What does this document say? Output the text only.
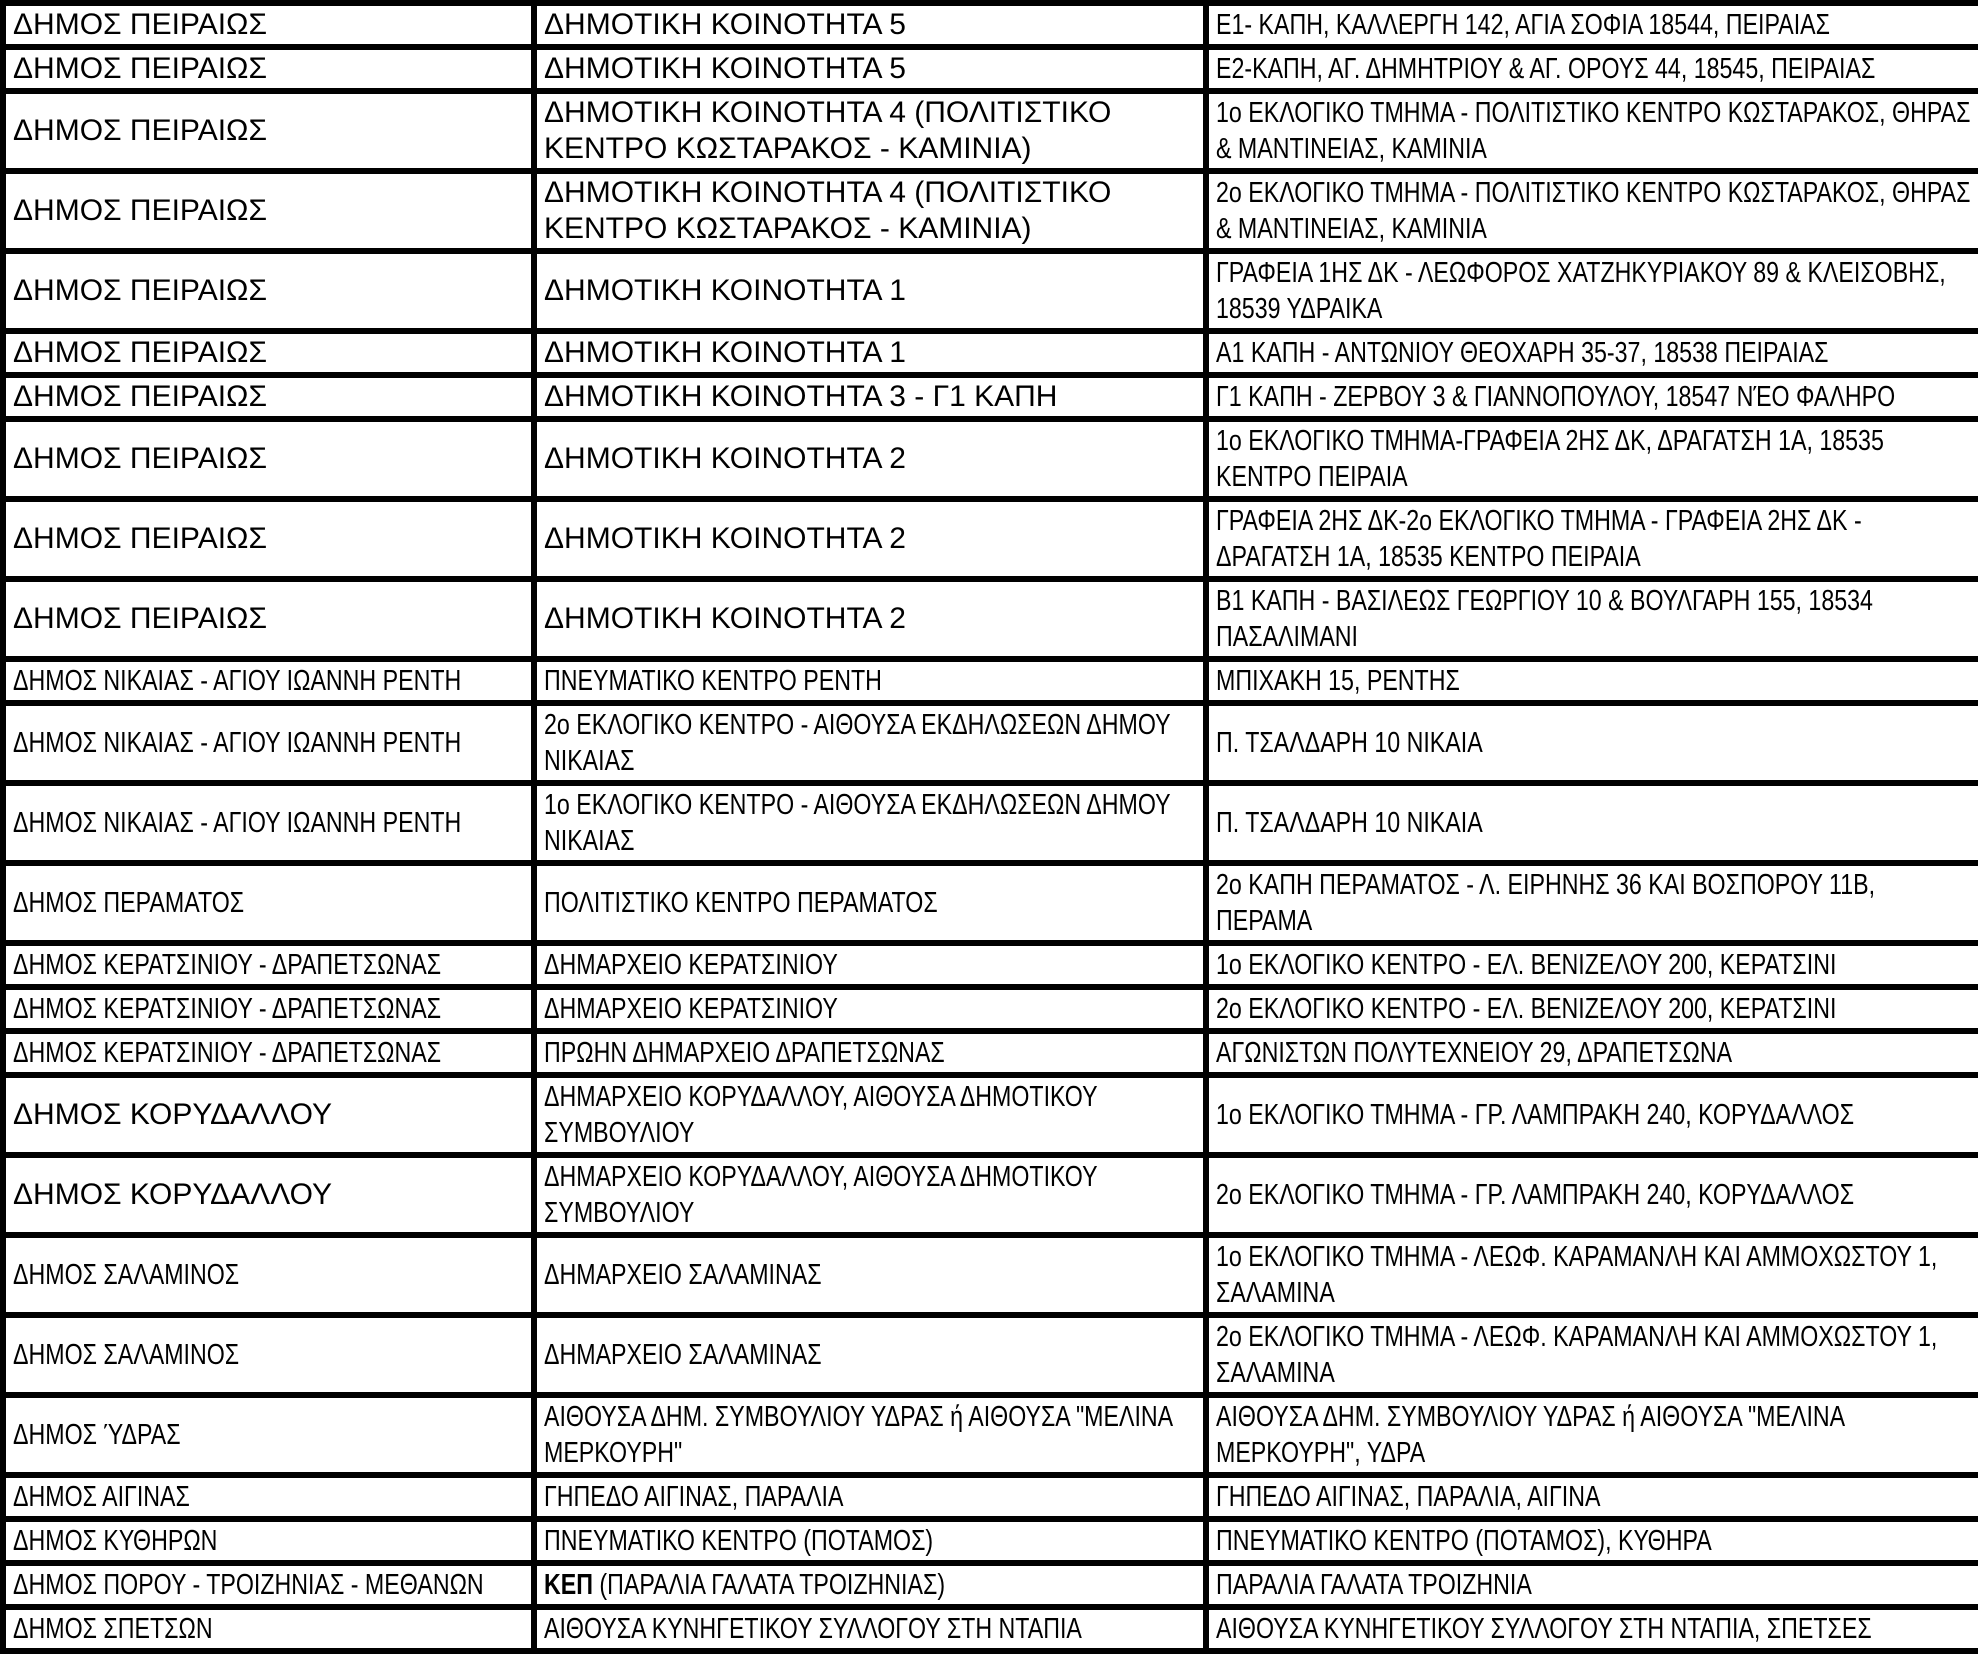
ΔΗΜΟΣ ΠΕΙΡΑΙΩΣ	ΔΗΜΟΤΙΚΗ ΚΟΙΝΟΤΗΤΑ 5	Ε1- ΚΑΠΗ, ΚΑΛΛΕΡΓΗ 142, ΑΓΙΑ ΣΟΦΙΑ 18544, ΠΕΙΡΑΙΑΣ
ΔΗΜΟΣ ΠΕΙΡΑΙΩΣ	ΔΗΜΟΤΙΚΗ ΚΟΙΝΟΤΗΤΑ 5	Ε2-ΚΑΠΗ, ΑΓ. ΔΗΜΗΤΡΙΟΥ & ΑΓ. ΟΡΟΥΣ 44, 18545, ΠΕΙΡΑΙΑΣ
ΔΗΜΟΣ ΠΕΙΡΑΙΩΣ	ΔΗΜΟΤΙΚΗ ΚΟΙΝΟΤΗΤΑ 4 (ΠΟΛΙΤΙΣΤΙΚΟ ΚΕΝΤΡΟ ΚΩΣΤΑΡΑΚΟΣ - ΚΑΜΙΝΙΑ)	1ο ΕΚΛΟΓΙΚΟ ΤΜΗΜΑ - ΠΟΛΙΤΙΣΤΙΚΟ ΚΕΝΤΡΟ ΚΩΣΤΑΡΑΚΟΣ, ΘΗΡΑΣ & ΜΑΝΤΙΝΕΙΑΣ, ΚΑΜΙΝΙΑ
ΔΗΜΟΣ ΠΕΙΡΑΙΩΣ	ΔΗΜΟΤΙΚΗ ΚΟΙΝΟΤΗΤΑ 4 (ΠΟΛΙΤΙΣΤΙΚΟ ΚΕΝΤΡΟ ΚΩΣΤΑΡΑΚΟΣ - ΚΑΜΙΝΙΑ)	2ο ΕΚΛΟΓΙΚΟ ΤΜΗΜΑ - ΠΟΛΙΤΙΣΤΙΚΟ ΚΕΝΤΡΟ ΚΩΣΤΑΡΑΚΟΣ, ΘΗΡΑΣ & ΜΑΝΤΙΝΕΙΑΣ, ΚΑΜΙΝΙΑ
ΔΗΜΟΣ ΠΕΙΡΑΙΩΣ	ΔΗΜΟΤΙΚΗ ΚΟΙΝΟΤΗΤΑ 1	ΓΡΑΦΕΙΑ 1ΗΣ ΔΚ - ΛΕΩΦΟΡΟΣ ΧΑΤΖΗΚΥΡΙΑΚΟΥ 89 & ΚΛΕΙΣΟΒΗΣ, 18539 ΥΔΡΑΙΚΑ
ΔΗΜΟΣ ΠΕΙΡΑΙΩΣ	ΔΗΜΟΤΙΚΗ ΚΟΙΝΟΤΗΤΑ 1	Α1 ΚΑΠΗ - ΑΝΤΩΝΙΟΥ ΘΕΟΧΑΡΗ 35-37, 18538 ΠΕΙΡΑΙΑΣ
ΔΗΜΟΣ ΠΕΙΡΑΙΩΣ	ΔΗΜΟΤΙΚΗ ΚΟΙΝΟΤΗΤΑ 3 - Γ1 ΚΑΠΗ	Γ1 ΚΑΠΗ - ΖΕΡΒΟΥ 3 & ΓΙΑΝΝΟΠΟΥΛΟΥ, 18547 ΝΈΟ ΦΑΛΗΡΟ
ΔΗΜΟΣ ΠΕΙΡΑΙΩΣ	ΔΗΜΟΤΙΚΗ ΚΟΙΝΟΤΗΤΑ 2	1ο ΕΚΛΟΓΙΚΟ ΤΜΗΜΑ-ΓΡΑΦΕΙΑ 2ΗΣ ΔΚ, ΔΡΑΓΑΤΣΗ 1Α, 18535 ΚΕΝΤΡΟ ΠΕΙΡΑΙΑ
ΔΗΜΟΣ ΠΕΙΡΑΙΩΣ	ΔΗΜΟΤΙΚΗ ΚΟΙΝΟΤΗΤΑ 2	ΓΡΑΦΕΙΑ 2ΗΣ ΔΚ-2ο ΕΚΛΟΓΙΚΟ ΤΜΗΜΑ - ΓΡΑΦΕΙΑ 2ΗΣ ΔΚ - ΔΡΑΓΑΤΣΗ 1Α, 18535 ΚΕΝΤΡΟ ΠΕΙΡΑΙΑ
ΔΗΜΟΣ ΠΕΙΡΑΙΩΣ	ΔΗΜΟΤΙΚΗ ΚΟΙΝΟΤΗΤΑ 2	Β1 ΚΑΠΗ - ΒΑΣΙΛΕΩΣ ΓΕΩΡΓΙΟΥ 10 & ΒΟΥΛΓΑΡΗ 155, 18534 ΠΑΣΑΛΙΜΑΝΙ
ΔΗΜΟΣ ΝΙΚΑΙΑΣ - ΑΓΙΟΥ ΙΩΑΝΝΗ ΡΕΝΤΗ	ΠΝΕΥΜΑΤΙΚΟ ΚΕΝΤΡΟ ΡΕΝΤΗ	ΜΠΙΧΑΚΗ 15, ΡΕΝΤΗΣ
ΔΗΜΟΣ ΝΙΚΑΙΑΣ - ΑΓΙΟΥ ΙΩΑΝΝΗ ΡΕΝΤΗ	2ο ΕΚΛΟΓΙΚΟ ΚΕΝΤΡΟ - ΑΙΘΟΥΣΑ ΕΚΔΗΛΩΣΕΩΝ ΔΗΜΟΥ ΝΙΚΑΙΑΣ	Π. ΤΣΑΛΔΑΡΗ 10 ΝΙΚΑΙΑ
ΔΗΜΟΣ ΝΙΚΑΙΑΣ - ΑΓΙΟΥ ΙΩΑΝΝΗ ΡΕΝΤΗ	1ο ΕΚΛΟΓΙΚΟ ΚΕΝΤΡΟ - ΑΙΘΟΥΣΑ ΕΚΔΗΛΩΣΕΩΝ ΔΗΜΟΥ ΝΙΚΑΙΑΣ	Π. ΤΣΑΛΔΑΡΗ 10 ΝΙΚΑΙΑ
ΔΗΜΟΣ ΠΕΡΑΜΑΤΟΣ	ΠΟΛΙΤΙΣΤΙΚΟ ΚΕΝΤΡΟ ΠΕΡΑΜΑΤΟΣ	2ο ΚΑΠΗ ΠΕΡΑΜΑΤΟΣ - Λ. ΕΙΡΗΝΗΣ 36 ΚΑΙ ΒΟΣΠΟΡΟΥ 11Β, ΠΕΡΑΜΑ
ΔΗΜΟΣ ΚΕΡΑΤΣΙΝΙΟΥ - ΔΡΑΠΕΤΣΩΝΑΣ	ΔΗΜΑΡΧΕΙΟ ΚΕΡΑΤΣΙΝΙΟΥ	1ο ΕΚΛΟΓΙΚΟ ΚΕΝΤΡΟ - ΕΛ. ΒΕΝΙΖΕΛΟΥ 200, ΚΕΡΑΤΣΙΝΙ
ΔΗΜΟΣ ΚΕΡΑΤΣΙΝΙΟΥ - ΔΡΑΠΕΤΣΩΝΑΣ	ΔΗΜΑΡΧΕΙΟ ΚΕΡΑΤΣΙΝΙΟΥ	2ο ΕΚΛΟΓΙΚΟ ΚΕΝΤΡΟ - ΕΛ. ΒΕΝΙΖΕΛΟΥ 200, ΚΕΡΑΤΣΙΝΙ
ΔΗΜΟΣ ΚΕΡΑΤΣΙΝΙΟΥ - ΔΡΑΠΕΤΣΩΝΑΣ	ΠΡΩΗΝ ΔΗΜΑΡΧΕΙΟ ΔΡΑΠΕΤΣΩΝΑΣ	ΑΓΩΝΙΣΤΩΝ ΠΟΛΥΤΕΧΝΕΙΟΥ 29, ΔΡΑΠΕΤΣΩΝΑ
ΔΗΜΟΣ ΚΟΡΥΔΑΛΛΟΥ	ΔΗΜΑΡΧΕΙΟ ΚΟΡΥΔΑΛΛΟΥ, ΑΙΘΟΥΣΑ ΔΗΜΟΤΙΚΟΥ ΣΥΜΒΟΥΛΙΟΥ	1ο ΕΚΛΟΓΙΚΟ ΤΜΗΜΑ - ΓΡ. ΛΑΜΠΡΑΚΗ 240, ΚΟΡΥΔΑΛΛΟΣ
ΔΗΜΟΣ ΚΟΡΥΔΑΛΛΟΥ	ΔΗΜΑΡΧΕΙΟ ΚΟΡΥΔΑΛΛΟΥ, ΑΙΘΟΥΣΑ ΔΗΜΟΤΙΚΟΥ ΣΥΜΒΟΥΛΙΟΥ	2ο ΕΚΛΟΓΙΚΟ ΤΜΗΜΑ - ΓΡ. ΛΑΜΠΡΑΚΗ 240, ΚΟΡΥΔΑΛΛΟΣ
ΔΗΜΟΣ ΣΑΛΑΜΙΝΟΣ	ΔΗΜΑΡΧΕΙΟ ΣΑΛΑΜΙΝΑΣ	1ο ΕΚΛΟΓΙΚΟ ΤΜΗΜΑ - ΛΕΩΦ. ΚΑΡΑΜΑΝΛΗ ΚΑΙ ΑΜΜΟΧΩΣΤΟΥ 1, ΣΑΛΑΜΙΝΑ
ΔΗΜΟΣ ΣΑΛΑΜΙΝΟΣ	ΔΗΜΑΡΧΕΙΟ ΣΑΛΑΜΙΝΑΣ	2ο ΕΚΛΟΓΙΚΟ ΤΜΗΜΑ - ΛΕΩΦ. ΚΑΡΑΜΑΝΛΗ ΚΑΙ ΑΜΜΟΧΩΣΤΟΥ 1, ΣΑΛΑΜΙΝΑ
ΔΗΜΟΣ ΎΔΡΑΣ	ΑΙΘΟΥΣΑ ΔΗΜ. ΣΥΜΒΟΥΛΙΟΥ ΥΔΡΑΣ ή ΑΙΘΟΥΣΑ "ΜΕΛΙΝΑ ΜΕΡΚΟΥΡΗ"	ΑΙΘΟΥΣΑ ΔΗΜ. ΣΥΜΒΟΥΛΙΟΥ ΥΔΡΑΣ ή ΑΙΘΟΥΣΑ "ΜΕΛΙΝΑ ΜΕΡΚΟΥΡΗ", ΥΔΡΑ
ΔΗΜΟΣ ΑΙΓΙΝΑΣ	ΓΗΠΕΔΟ ΑΙΓΙΝΑΣ, ΠΑΡΑΛΙΑ	ΓΗΠΕΔΟ ΑΙΓΙΝΑΣ, ΠΑΡΑΛΙΑ, ΑΙΓΙΝΑ
ΔΗΜΟΣ ΚΥΘΗΡΩΝ	ΠΝΕΥΜΑΤΙΚΟ ΚΕΝΤΡΟ (ΠΟΤΑΜΟΣ)	ΠΝΕΥΜΑΤΙΚΟ ΚΕΝΤΡΟ (ΠΟΤΑΜΟΣ), ΚΥΘΗΡΑ
ΔΗΜΟΣ ΠΟΡΟΥ - ΤΡΟΙΖΗΝΙΑΣ - ΜΕΘΑΝΩΝ	ΚΕΠ (ΠΑΡΑΛΙΑ ΓΑΛΑΤΑ ΤΡΟΙΖΗΝΙΑΣ)	ΠΑΡΑΛΙΑ ΓΑΛΑΤΑ ΤΡΟΙΖΗΝΙΑ
ΔΗΜΟΣ ΣΠΕΤΣΩΝ	ΑΙΘΟΥΣΑ ΚΥΝΗΓΕΤΙΚΟΥ ΣΥΛΛΟΓΟΥ ΣΤΗ ΝΤΑΠΙΑ	ΑΙΘΟΥΣΑ ΚΥΝΗΓΕΤΙΚΟΥ ΣΥΛΛΟΓΟΥ ΣΤΗ ΝΤΑΠΙΑ, ΣΠΕΤΣΕΣ
